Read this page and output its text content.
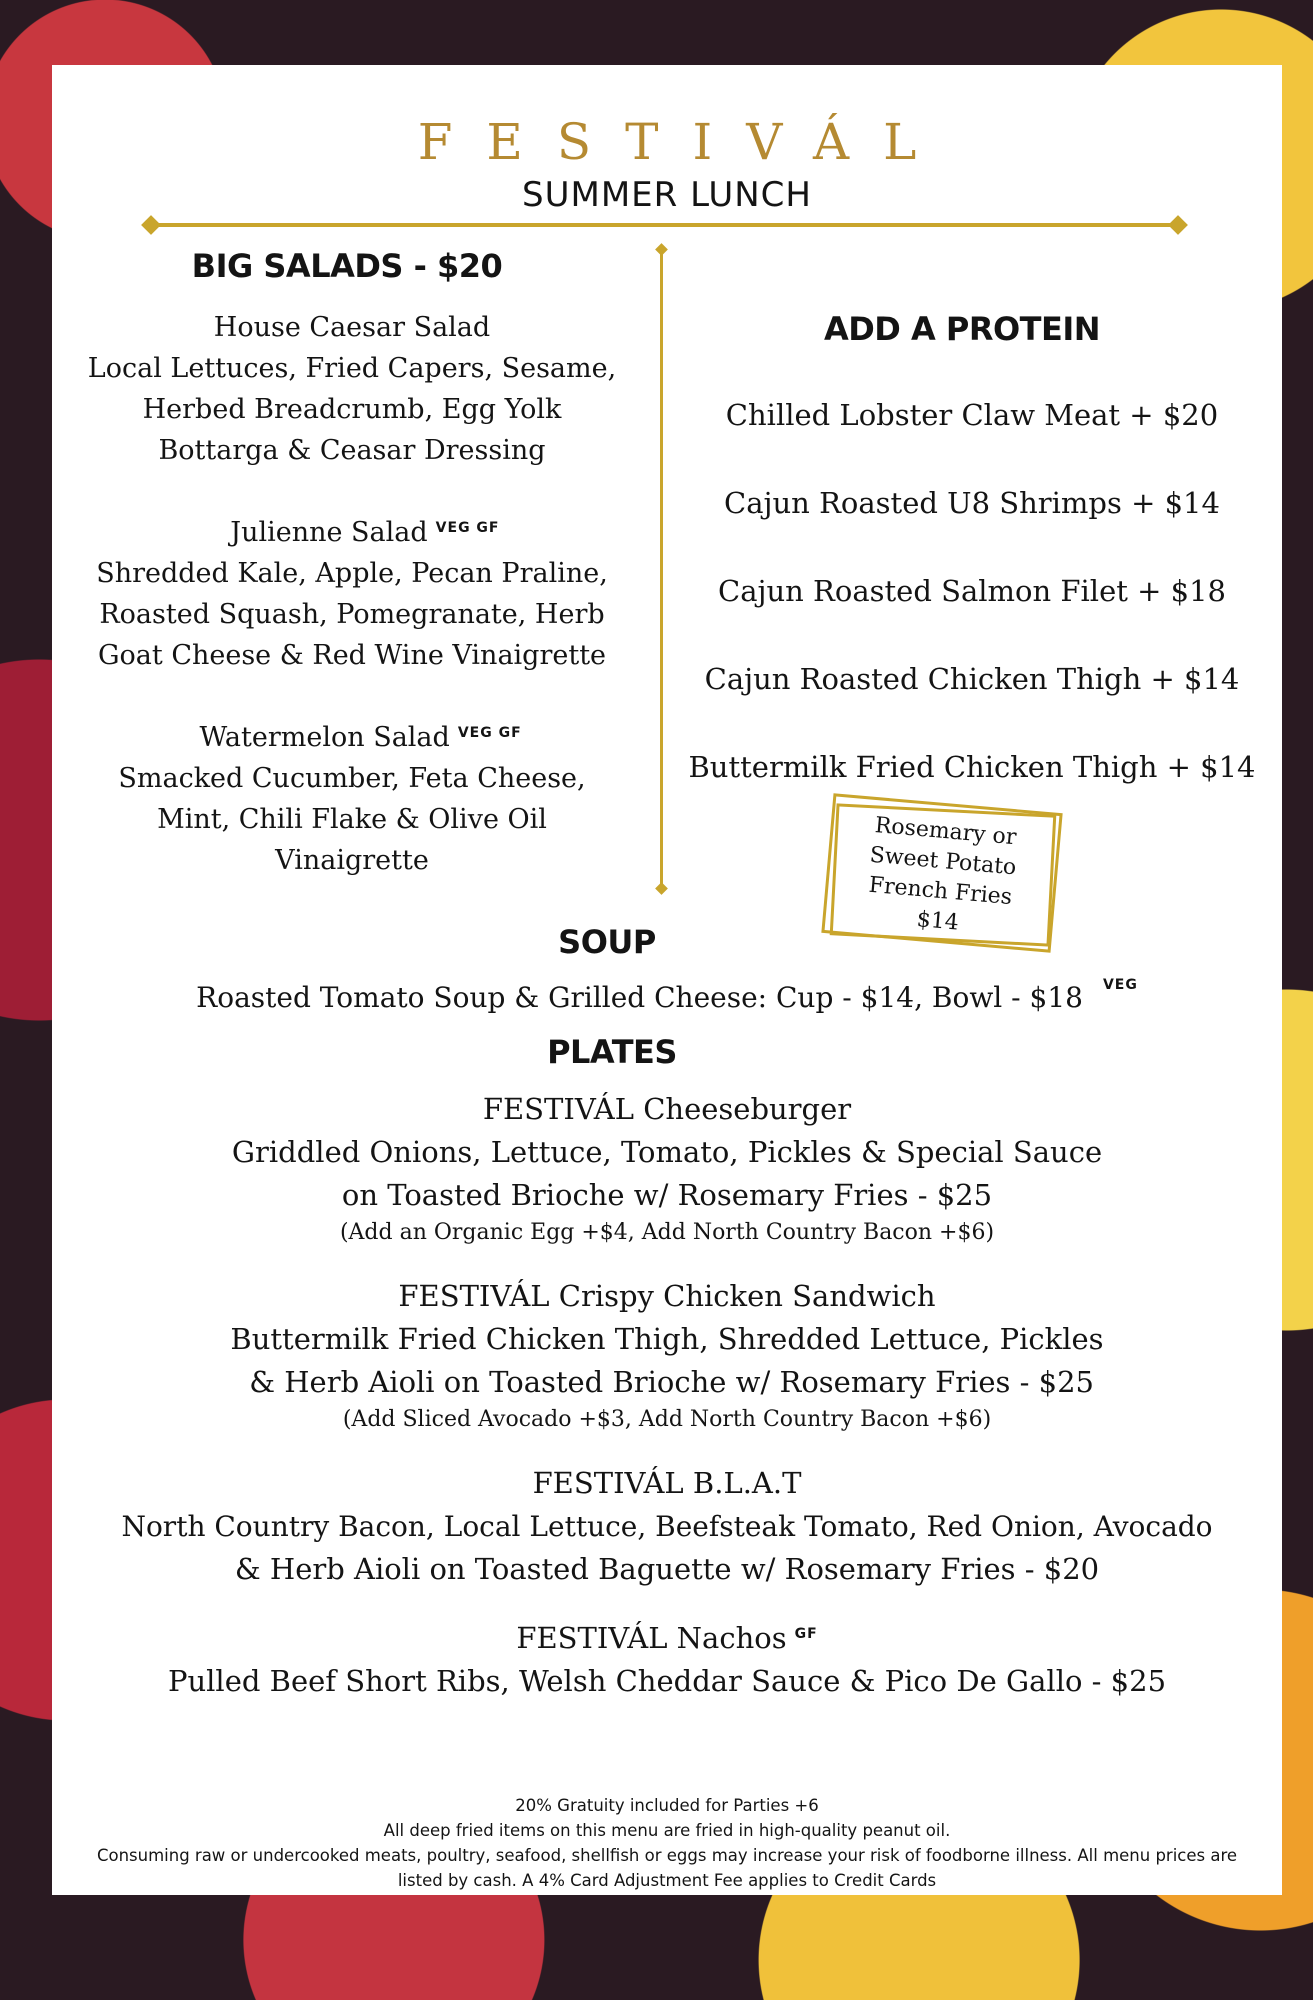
FESTIVÁL
SUMMER LUNCH
BIG SALADS - $20
House Caesar Salad
Local Lettuces, Fried Capers, Sesame,
Herbed Breadcrumb, Egg Yolk
Bottarga & Ceasar Dressing
Julienne Salad $^{VEG GF}$
Shredded Kale, Apple, Pecan Praline,
Roasted Squash, Pomegranate, Herb
Goat Cheese & Red Wine Vinaigrette
Watermelon Salad $^{VEG GF}$
Smacked Cucumber, Feta Cheese,
Mint, Chili Flake & Olive Oil
Vinaigrette
ADD A PROTEIN
Chilled Lobster Claw Meat + $20
Cajun Roasted U8 Shrimps + $14
Cajun Roasted Salmon Filet + $18
Cajun Roasted Chicken Thigh + $14
Buttermilk Fried Chicken Thigh + $14
Rosemary or
Sweet Potato
French Fries
$14
SOUP
Roasted Tomato Soup & Grilled Cheese: Cup - $14, Bowl - $18 $^{VEG}$
PLATES
FESTIVÁL Cheeseburger
Griddled Onions, Lettuce, Tomato, Pickles & Special Sauce
on Toasted Brioche w/ Rosemary Fries - $25
(Add an Organic Egg +$4, Add North Country Bacon +$6)
FESTIVÁL Crispy Chicken Sandwich
Buttermilk Fried Chicken Thigh, Shredded Lettuce, Pickles
& Herb Aioli on Toasted Brioche w/ Rosemary Fries - $25
(Add Sliced Avocado +$3, Add North Country Bacon +$6)
FESTIVÁL B.L.A.T
North Country Bacon, Local Lettuce, Beefsteak Tomato, Red Onion, Avocado
& Herb Aioli on Toasted Baguette w/ Rosemary Fries - $20
FESTIVÁL Nachos $^{GF}$
Pulled Beef Short Ribs, Welsh Cheddar Sauce & Pico De Gallo - $25
20% Gratuity included for Parties +6
All deep fried items on this menu are fried in high-quality peanut oil.
Consuming raw or undercooked meats, poultry, seafood, shellfish or eggs may increase your risk of foodborne illness. All menu prices are
listed by cash. A 4% Card Adjustment Fee applies to Credit Cards
